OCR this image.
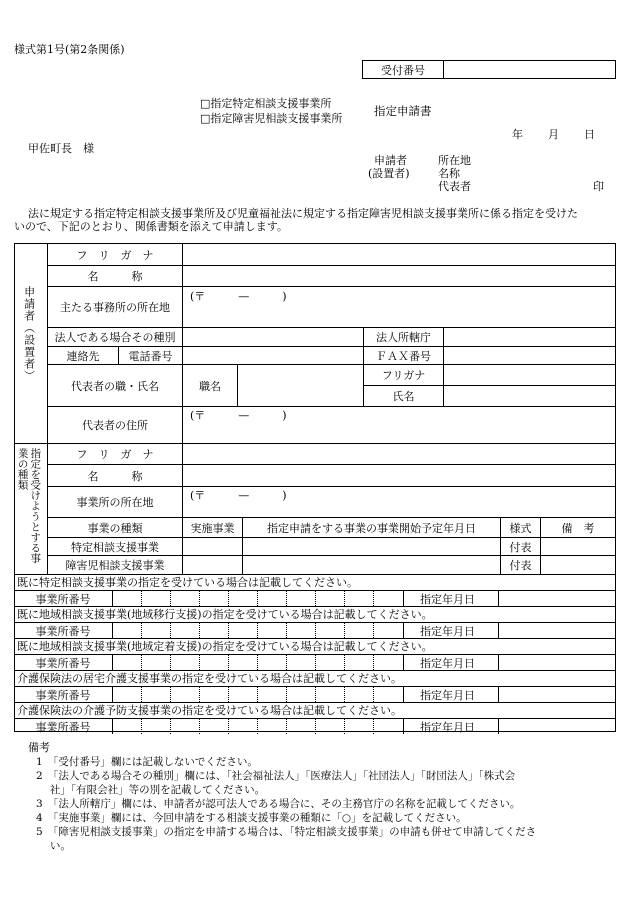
様式第1号(第2条関係)
受付番号
□指定特定相談支援事業所
□指定障害児相談支援事業所
指定申請書
年 月 日
甲佐町長　様
申請者
(設置者)
所在地
名称
代表者	印
法に規定する指定特定相談支援事業所及び児童福祉法に規定する指定障害児相談支援事業所に係る指定を受けた
いので、下記のとおり、関係書類を添えて申請します。
申請者（設置者）
指定を受けようとする事業の種類
フ　リ　ガ　ナ
名　　　称
主たる事務所の所在地
(〒　　　—　　　)
法人である場合その種別	法人所轄庁
連絡先	電話番号	ＦＡＸ番号
代表者の職・氏名	職名
フリガナ
氏名
代表者の住所
(〒　　　—　　　)
フ　リ　ガ　ナ
名　　　称
事業所の所在地
(〒　　　—　　　)
事業の種類	実施事業	指定申請をする事業の事業開始予定年月日	様式	備　考
特定相談支援事業	付表
障害児相談支援事業	付表
既に特定相談支援事業の指定を受けている場合は記載してください。
事業所番号	指定年月日
既に地域相談支援事業(地域移行支援)の指定を受けている場合は記載してください。
事業所番号	指定年月日
既に地域相談支援事業(地域定着支援)の指定を受けている場合は記載してください。
事業所番号	指定年月日
介護保険法の居宅介護支援事業の指定を受けている場合は記載してください。
事業所番号	指定年月日
介護保険法の介護予防支援事業の指定を受けている場合は記載してください。
事業所番号	指定年月日
備考
1　「受付番号」欄には記載しないでください。
2　「法人である場合その種別」欄には、「社会福祉法人」「医療法人」「社団法人」「財団法人」「株式会
　 社」「有限会社」等の別を記載してください。
3　「法人所轄庁」欄には、申請者が認可法人である場合に、その主務官庁の名称を記載してください。
4　「実施事業」欄には、今回申請をする相談支援事業の種類に「○」を記載してください。
5　「障害児相談支援事業」の指定を申請する場合は、「特定相談支援事業」の申請も併せて申請してくださ
　 い。
